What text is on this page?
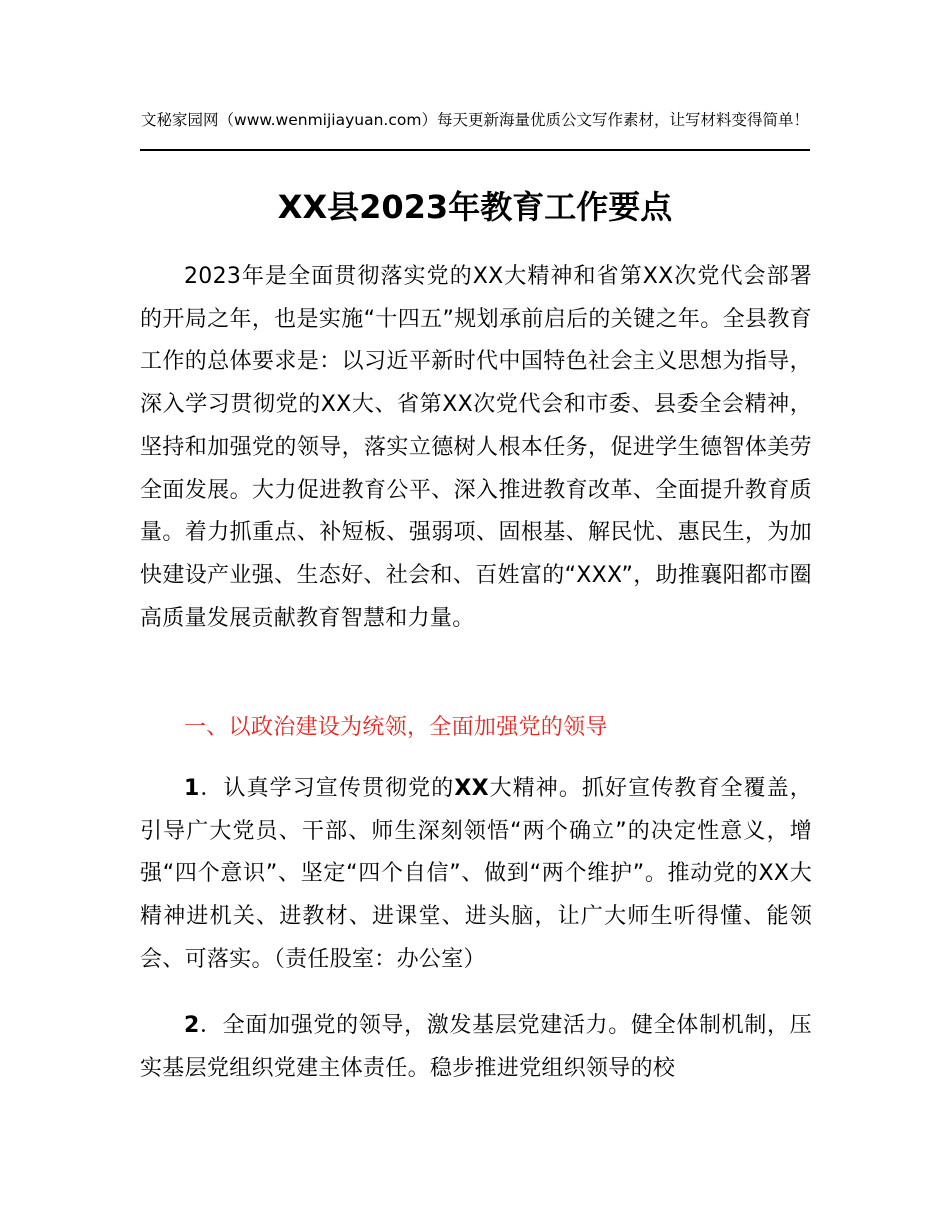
文秘家园网（www.wenmijiayuan.com）每天更新海量优质公文写作素材，让写材料变得简单！
XX县2023年教育工作要点

2023年是全面贯彻落实党的XX大精神和省第XX次党代会部署的开局之年，也是实施“十四五”规划承前启后的关键之年。全县教育工作的总体要求是：以习近平新时代中国特色社会主义思想为指导，深入学习贯彻党的XX大、省第XX次党代会和市委、县委全会精神，坚持和加强党的领导，落实立德树人根本任务，促进学生德智体美劳全面发展。大力促进教育公平、深入推进教育改革、全面提升教育质量。着力抓重点、补短板、强弱项、固根基、解民忧、惠民生，为加快建设产业强、生态好、社会和、百姓富的“XXX”，助推襄阳都市圈高质量发展贡献教育智慧和力量。

一、以政治建设为统领，全面加强党的领导

1．认真学习宣传贯彻党的XX大精神。抓好宣传教育全覆盖，引导广大党员、干部、师生深刻领悟“两个确立”的决定性意义，增强“四个意识”、坚定“四个自信”、做到“两个维护”。推动党的XX大精神进机关、进教材、进课堂、进头脑，让广大师生听得懂、能领会、可落实。（责任股室：办公室）

2．全面加强党的领导，激发基层党建活力。健全体制机制，压实基层党组织党建主体责任。稳步推进党组织领导的校
